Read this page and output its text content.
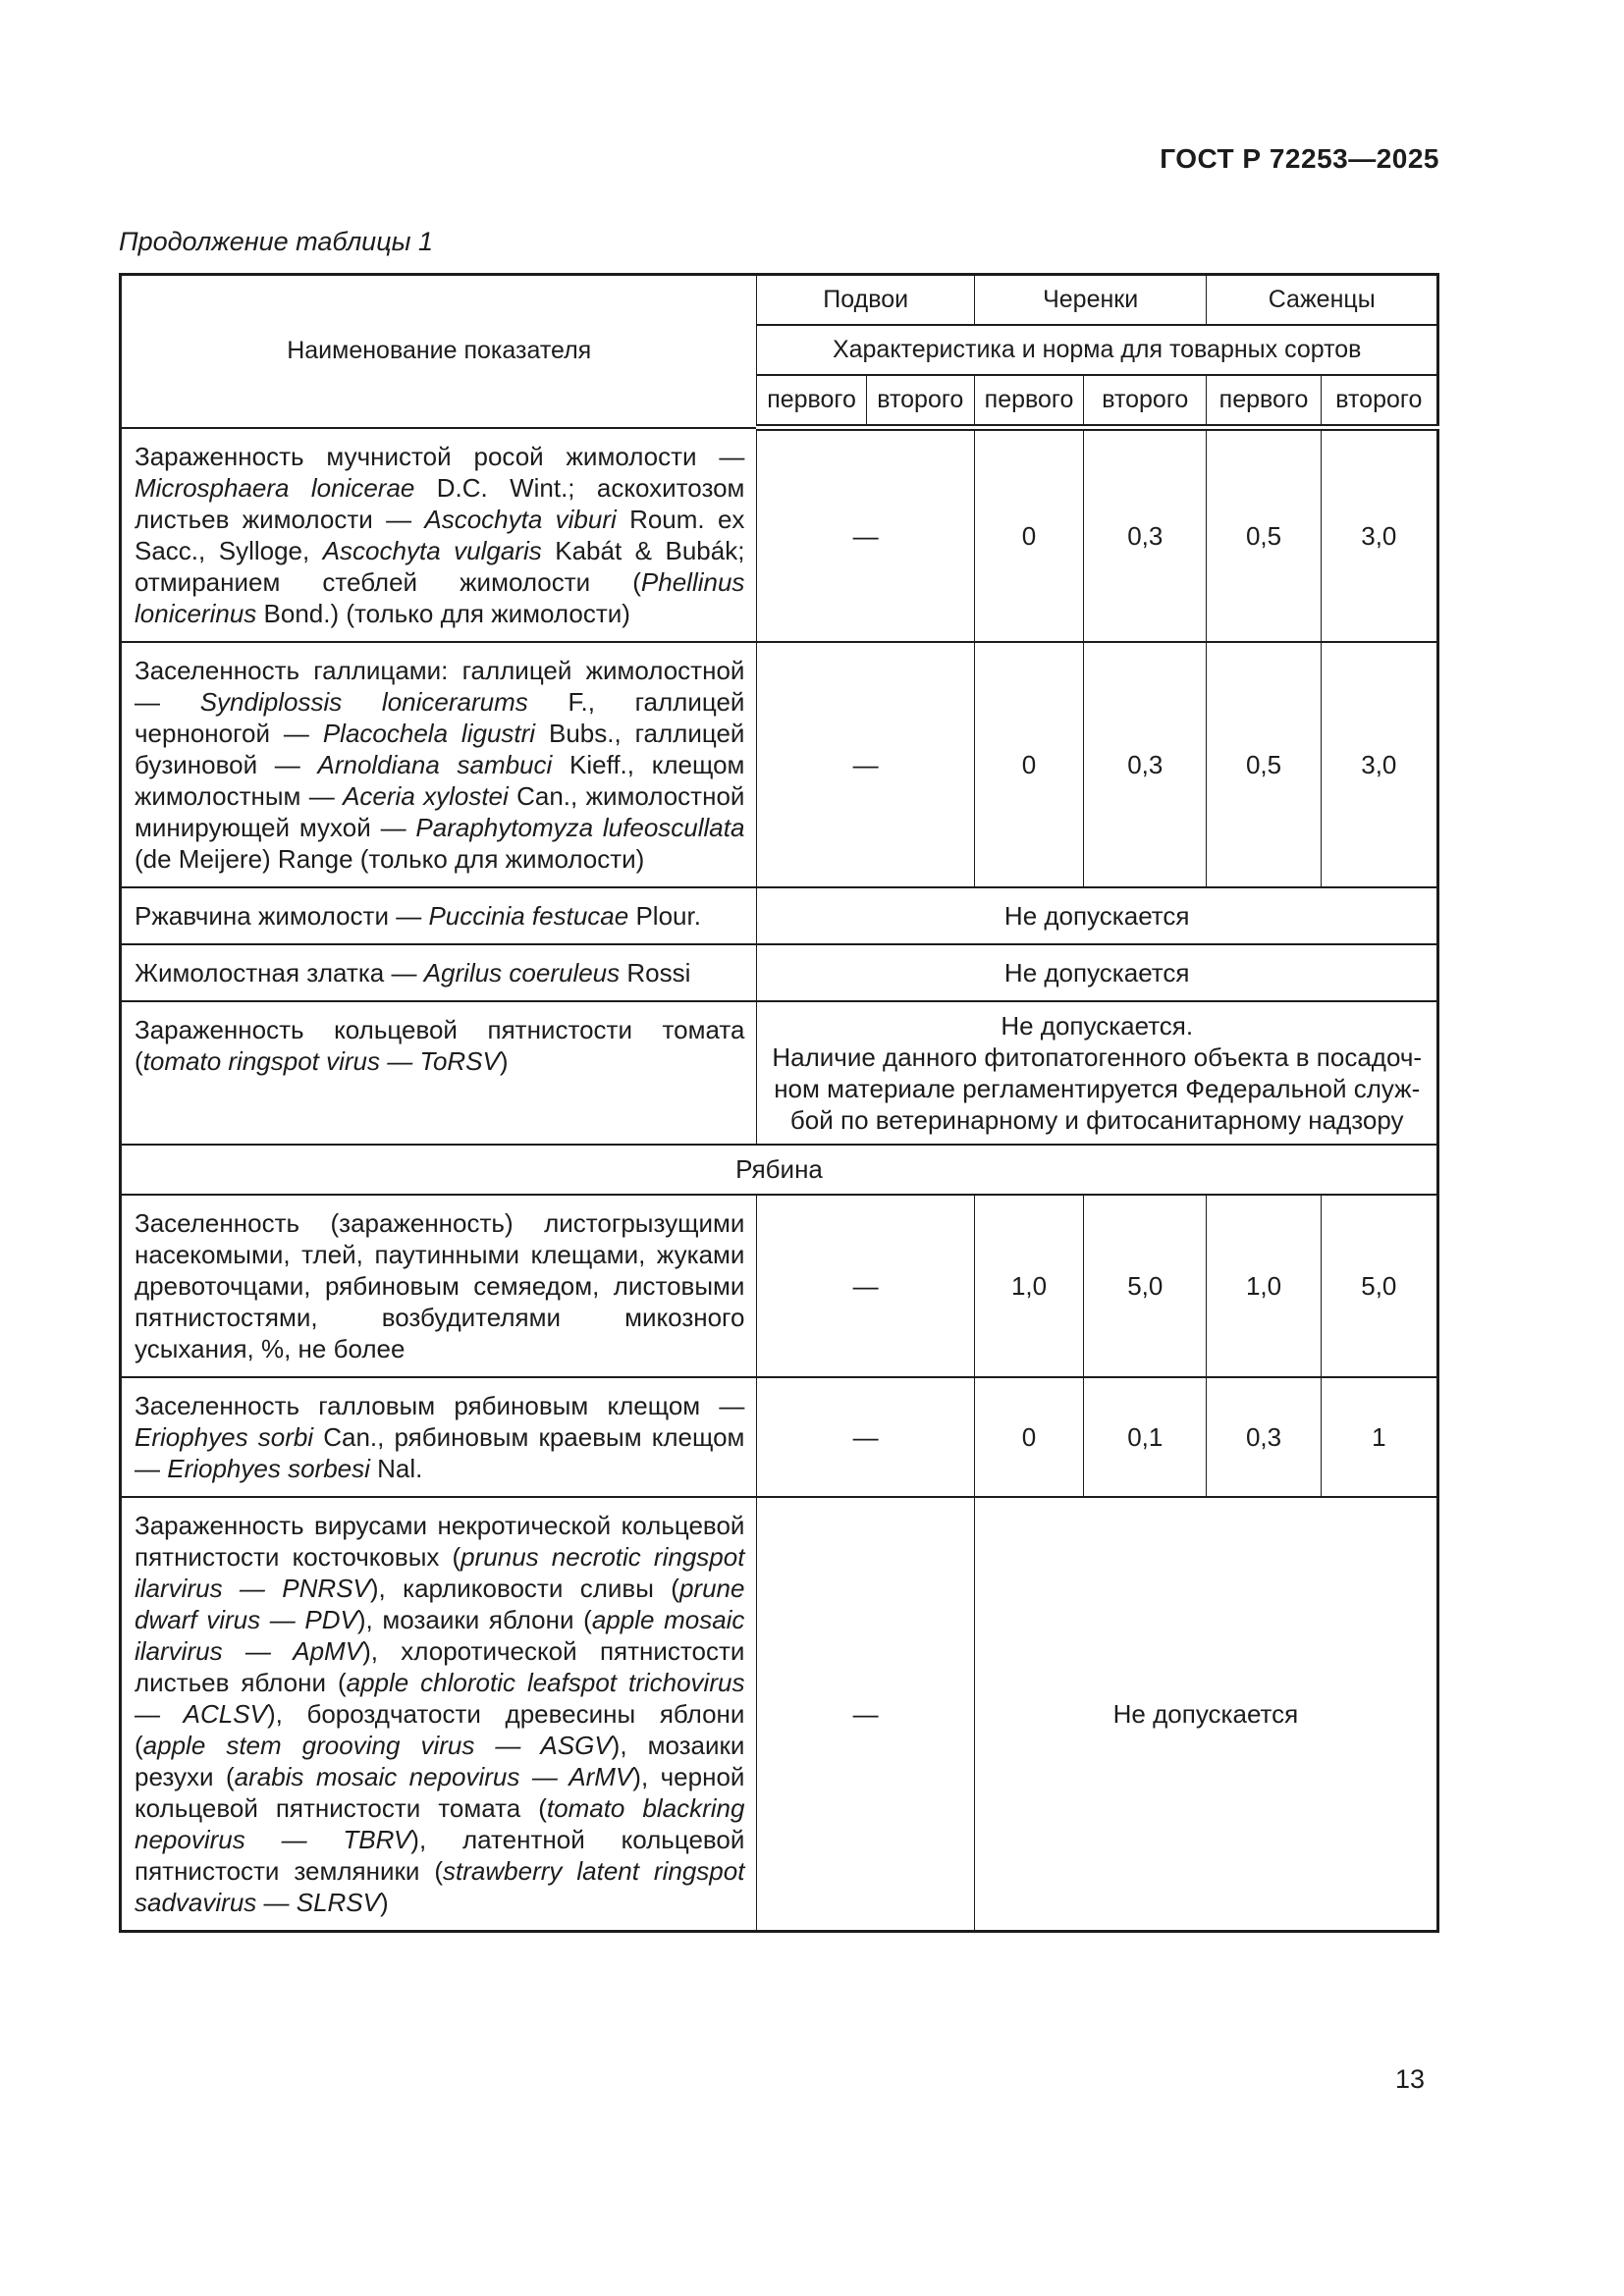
ГОСТ Р 72253—2025
Продолжение таблицы 1
Наименование показателя	Подвои		Черенки		Саженцы	
	Характеристика и норма для товарных сортов					
	первого	второго	первого	второго	первого	второго
Зараженность мучнистой росой жимолости — Microsphaera lonicerae D.C. Wint.; аскохитозом листьев жимолости — Ascochyta viburi Roum. ex Sacc., Sylloge, Ascochyta vulgaris Kabát & Bubák; отмиранием стеблей жимолости (Phellinus lonicerinus Bond.) (только для жимолости)	—		0	0,3	0,5	3,0
Заселенность галлицами: галлицей жимолостной — Syndiplossis lonicerarums F., галлицей черноногой — Placochela ligustri Bubs., галлицей бузиновой — Arnoldiana sambuci Kieff., клещом жимолостным — Aceria xylostei Can., жимолостной минирующей мухой — Paraphytomyza lufeoscullata (de Meijere) Range (только для жимолости)	—		0	0,3	0,5	3,0
Ржавчина жимолости — Puccinia festucae Plour.	Не допускается					
Жимолостная златка — Agrilus coeruleus Rossi	Не допускается					
Зараженность кольцевой пятнистости томата (tomato ringspot virus — ToRSV)	Не допускается.
Наличие данного фитопатогенного объекта в посадоч-
ном материале регламентируется Федеральной служ-
бой по ветеринарному и фитосанитарному надзору					
Рябина						
Заселенность (зараженность) листогрызущими насекомыми, тлей, паутинными клещами, жуками древоточцами, рябиновым семяедом, листовыми пятнистостями, возбудителями микозного усыхания, %, не более	—		1,0	5,0	1,0	5,0
Заселенность галловым рябиновым клещом — Eriophyes sorbi Can., рябиновым краевым клещом — Eriophyes sorbesi Nal.	—		0	0,1	0,3	1
Зараженность вирусами некротической кольцевой пятнистости косточковых (prunus necrotic ringspot ilarvirus — PNRSV), карликовости сливы (prune dwarf virus — PDV), мозаики яблони (apple mosaic ilarvirus — ApMV), хлоротической пятнистости листьев яблони (apple chlorotic leafspot trichovirus — ACLSV), бороздчатости древесины яблони (apple stem grooving virus — ASGV), мозаики резухи (arabis mosaic nepovirus — ArMV), черной кольцевой пятнистости томата (tomato blackring nepovirus — TBRV), латентной кольцевой пятнистости земляники (strawberry latent ringspot sadvavirus — SLRSV)	—		Не допускается			
13
